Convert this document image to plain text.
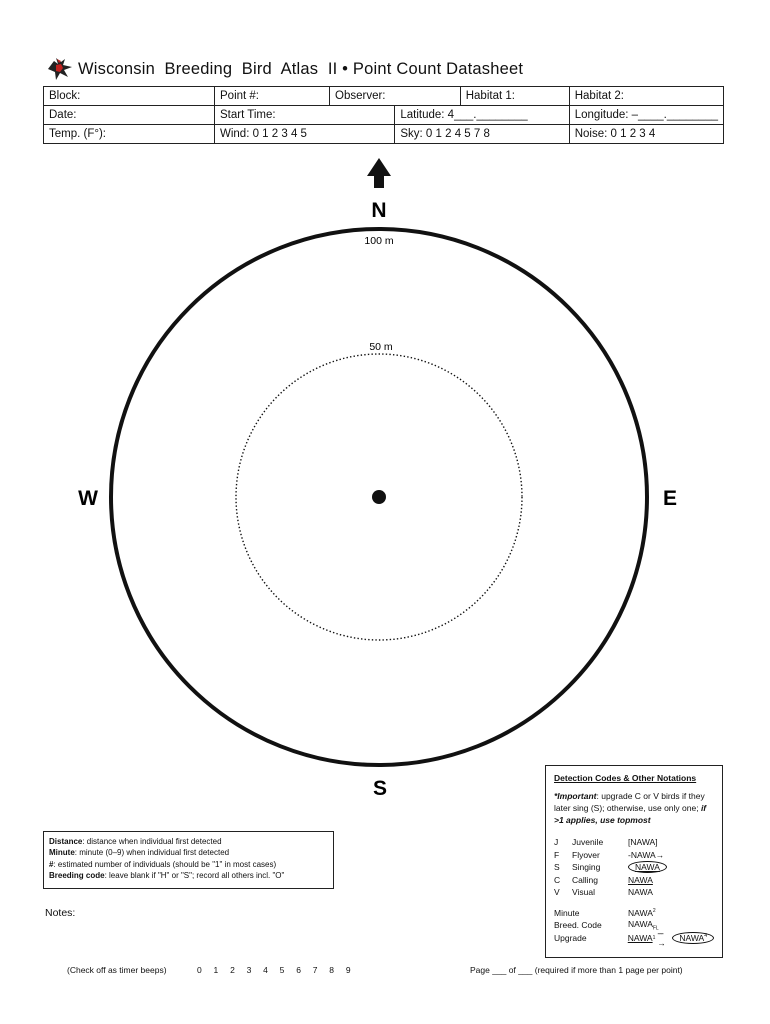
Wisconsin  Breeding  Bird  Atlas  II • Point Count Datasheet
Block:	Point #:	Observer:		Habitat 1:	Habitat 2:
Date:	Start Time:		Latitude: 4___.________		Longitude: –____.________
Temp. (F°):	Wind: 0 1 2 3 4 5		Sky: 0 1 2 4 5 7 8		Noise: 0 1 2 3 4
N
100 m
50 m
W	E
S
Distance: distance when individual first detected
Minute: minute (0–9) when individual first detected
#: estimated number of individuals (should be "1" in most cases)
Breeding code: leave blank if "H" or "S"; record all others incl. "O"
Detection Codes & Other Notations
*Important: upgrade C or V birds if they later sing (S); otherwise, use only one; if >1 applies, use topmost
J	Juvenile	[NAWA]
F	Flyover	-NAWA→
S	Singing	NAWA
C	Calling	NAWA
V	Visual	NAWA
Minute	NAWA$^2$
Breed. Code	$NAWA_{FL}$
Upgrade	NAWA 1 ---→	$NAWA^4$
Notes:
(Check off as timer beeps)	0     1     2     3     4     5     6     7     8     9	Page ___ of ___ (required if more than 1 page per point)
